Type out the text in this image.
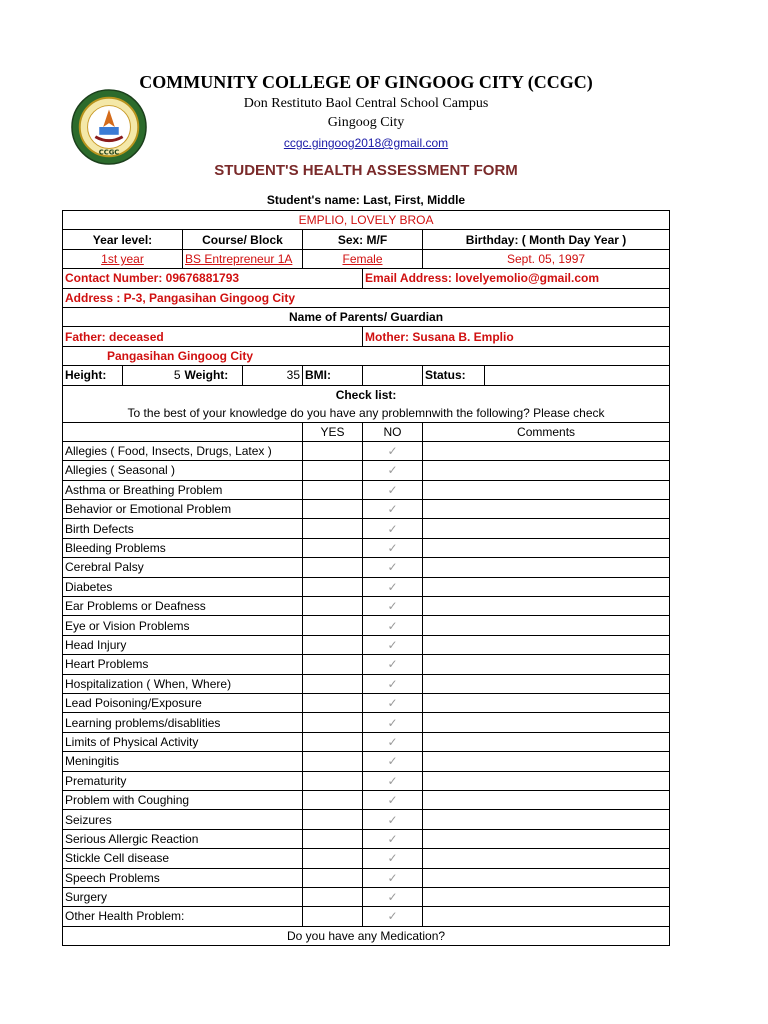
CCGC
COMMUNITY COLLEGE OF GINGOOG CITY (CCGC)
Don Restituto Baol Central School Campus
Gingoog City
ccgc.gingoog2018@gmail.com
STUDENT'S HEALTH ASSESSMENT FORM
Student's name: Last, First, Middle
EMPLIO, LOVELY BROA							
Year level:		Course/ Block		Sex: M/F		Birthday: ( Month Day Year )	
1st year		BS Entrepreneur 1A		Female		Sept. 05, 1997	
Contact Number: 09676881793					Email Address: lovelyemolio@gmail.com		
Address : P-3, Pangasihan Gingoog City							
Name of Parents/ Guardian							
Father: deceased					Mother: Susana B. Emplio		
Pangasihan Gingoog City							
Height:	5	Weight:	35	BMI:		Status:	

Check list:
To the best of your knowledge do you have any problemnwith the following? Please check							

				YES	NO	Comments	
Allegies ( Food, Insects, Drugs, Latex )					✓		
Allegies ( Seasonal )					✓		
Asthma or Breathing Problem					✓		
Behavior or Emotional Problem					✓		
Birth Defects					✓		
Bleeding Problems					✓		
Cerebral Palsy					✓		
Diabetes					✓		
Ear Problems or Deafness					✓		
Eye or Vision Problems					✓		
Head Injury					✓		
Heart Problems					✓		
Hospitalization ( When, Where)					✓		
Lead Poisoning/Exposure					✓		
Learning problems/disablities					✓		
Limits of Physical Activity					✓		
Meningitis					✓		
Prematurity					✓		
Problem with Coughing					✓		
Seizures					✓		
Serious Allergic Reaction					✓		
Stickle Cell disease					✓		
Speech Problems					✓		
Surgery					✓		
Other Health Problem:					✓		
Do you have any Medication?							
